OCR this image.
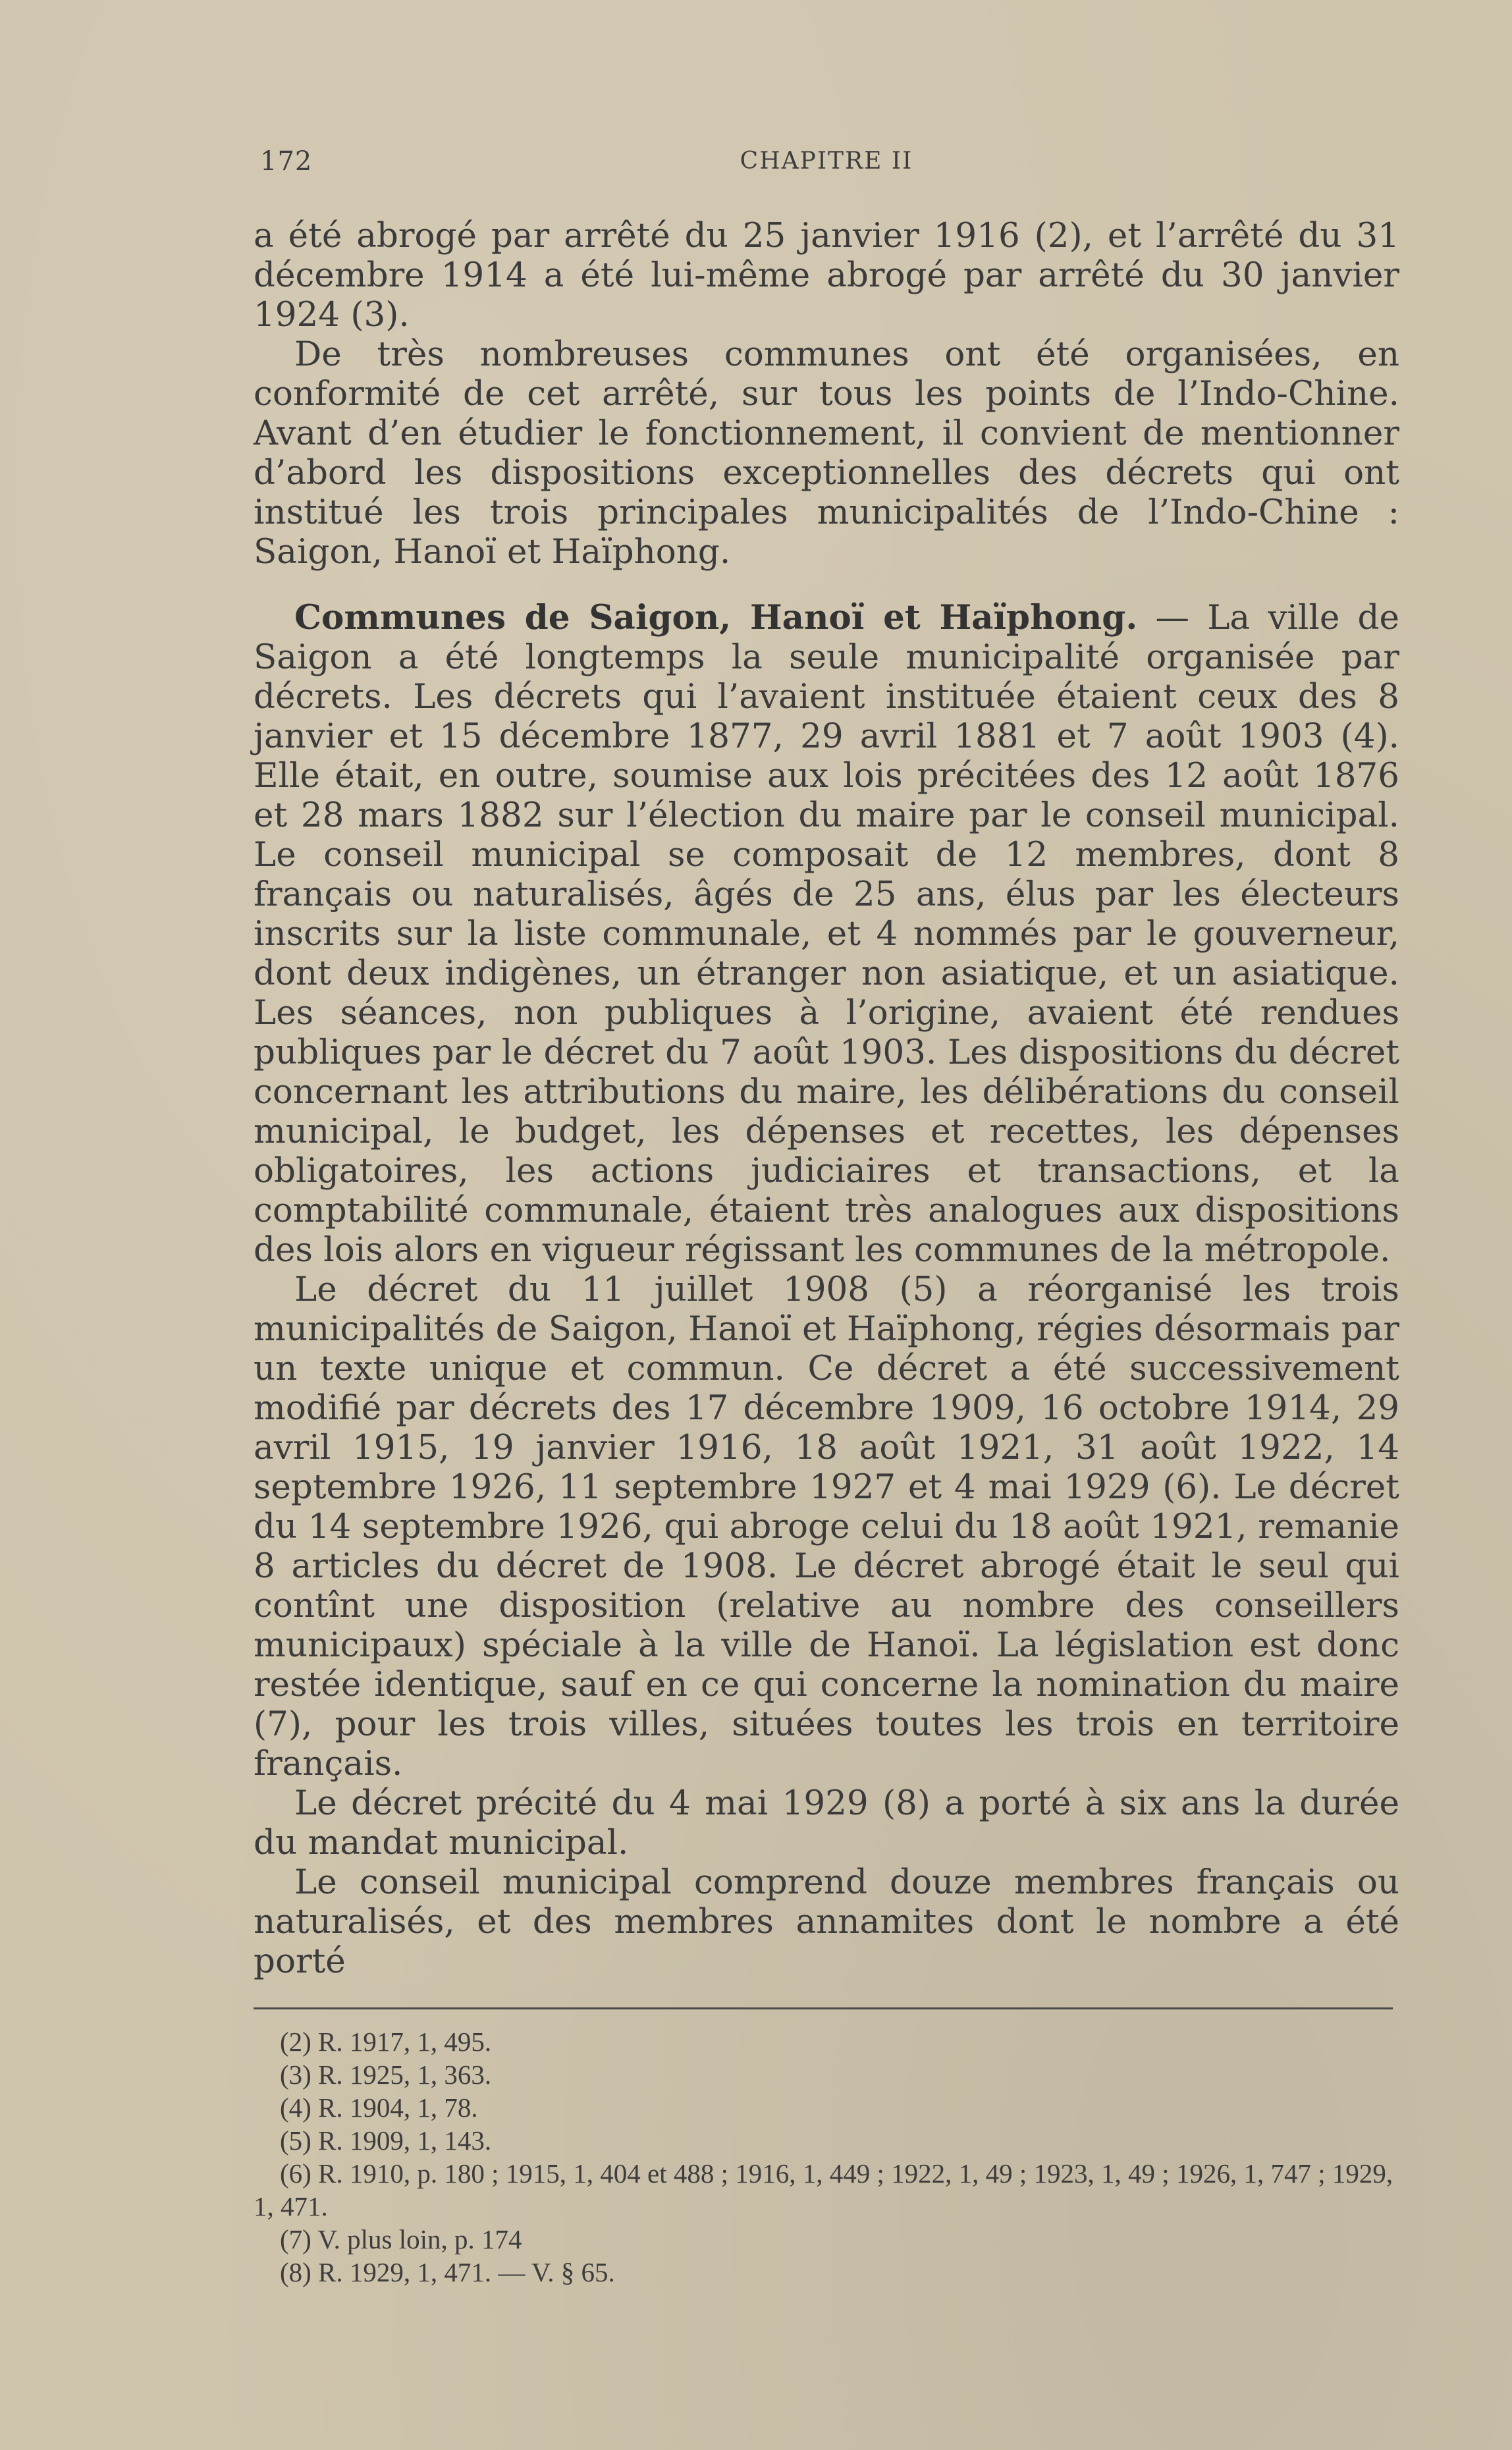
172	CHAPITRE II

a été abrogé par arrêté du 25 janvier 1916 (2), et l’arrêté du 31 décembre 1914 a été lui-même abrogé par arrêté du 30 janvier 1924 (3).

De très nombreuses communes ont été organisées, en conformité de cet arrêté, sur tous les points de l’Indo-Chine. Avant d’en étudier le fonctionnement, il convient de mentionner d’abord les dispositions exceptionnelles des décrets qui ont institué les trois principales municipalités de l’Indo-Chine : Saigon, Hanoï et Haïphong.

Communes de Saigon, Hanoï et Haïphong. — La ville de Saigon a été longtemps la seule municipalité organisée par décrets. Les décrets qui l’avaient instituée étaient ceux des 8 janvier et 15 décembre 1877, 29 avril 1881 et 7 août 1903 (4). Elle était, en outre, soumise aux lois précitées des 12 août 1876 et 28 mars 1882 sur l’élection du maire par le conseil municipal. Le conseil municipal se composait de 12 membres, dont 8 français ou naturalisés, âgés de 25 ans, élus par les électeurs inscrits sur la liste communale, et 4 nommés par le gouverneur, dont deux indigènes, un étranger non asiatique, et un asiatique. Les séances, non publiques à l’origine, avaient été rendues publiques par le décret du 7 août 1903. Les dispositions du décret concernant les attributions du maire, les délibérations du conseil municipal, le budget, les dépenses et recettes, les dépenses obligatoires, les actions judiciaires et transactions, et la comptabilité communale, étaient très analogues aux dispositions des lois alors en vigueur régissant les communes de la métropole.

Le décret du 11 juillet 1908 (5) a réorganisé les trois municipalités de Saigon, Hanoï et Haïphong, régies désormais par un texte unique et commun. Ce décret a été successivement modifié par décrets des 17 décembre 1909, 16 octobre 1914, 29 avril 1915, 19 janvier 1916, 18 août 1921, 31 août 1922, 14 septembre 1926, 11 septembre 1927 et 4 mai 1929 (6). Le décret du 14 septembre 1926, qui abroge celui du 18 août 1921, remanie 8 articles du décret de 1908. Le décret abrogé était le seul qui contînt une disposition (relative au nombre des conseillers municipaux) spéciale à la ville de Hanoï. La législation est donc restée identique, sauf en ce qui concerne la nomination du maire (7), pour les trois villes, situées toutes les trois en territoire français.

Le décret précité du 4 mai 1929 (8) a porté à six ans la durée du mandat municipal.

Le conseil municipal comprend douze membres français ou naturalisés, et des membres annamites dont le nombre a été porté

(2) R. 1917, 1, 495.

(3) R. 1925, 1, 363.

(4) R. 1904, 1, 78.

(5) R. 1909, 1, 143.

(6) R. 1910, p. 180 ; 1915, 1, 404 et 488 ; 1916, 1, 449 ; 1922, 1, 49 ; 1923, 1, 49 ; 1926, 1, 747 ; 1929, 1, 471.

(7) V. plus loin, p. 174

(8) R. 1929, 1, 471. — V. § 65.
